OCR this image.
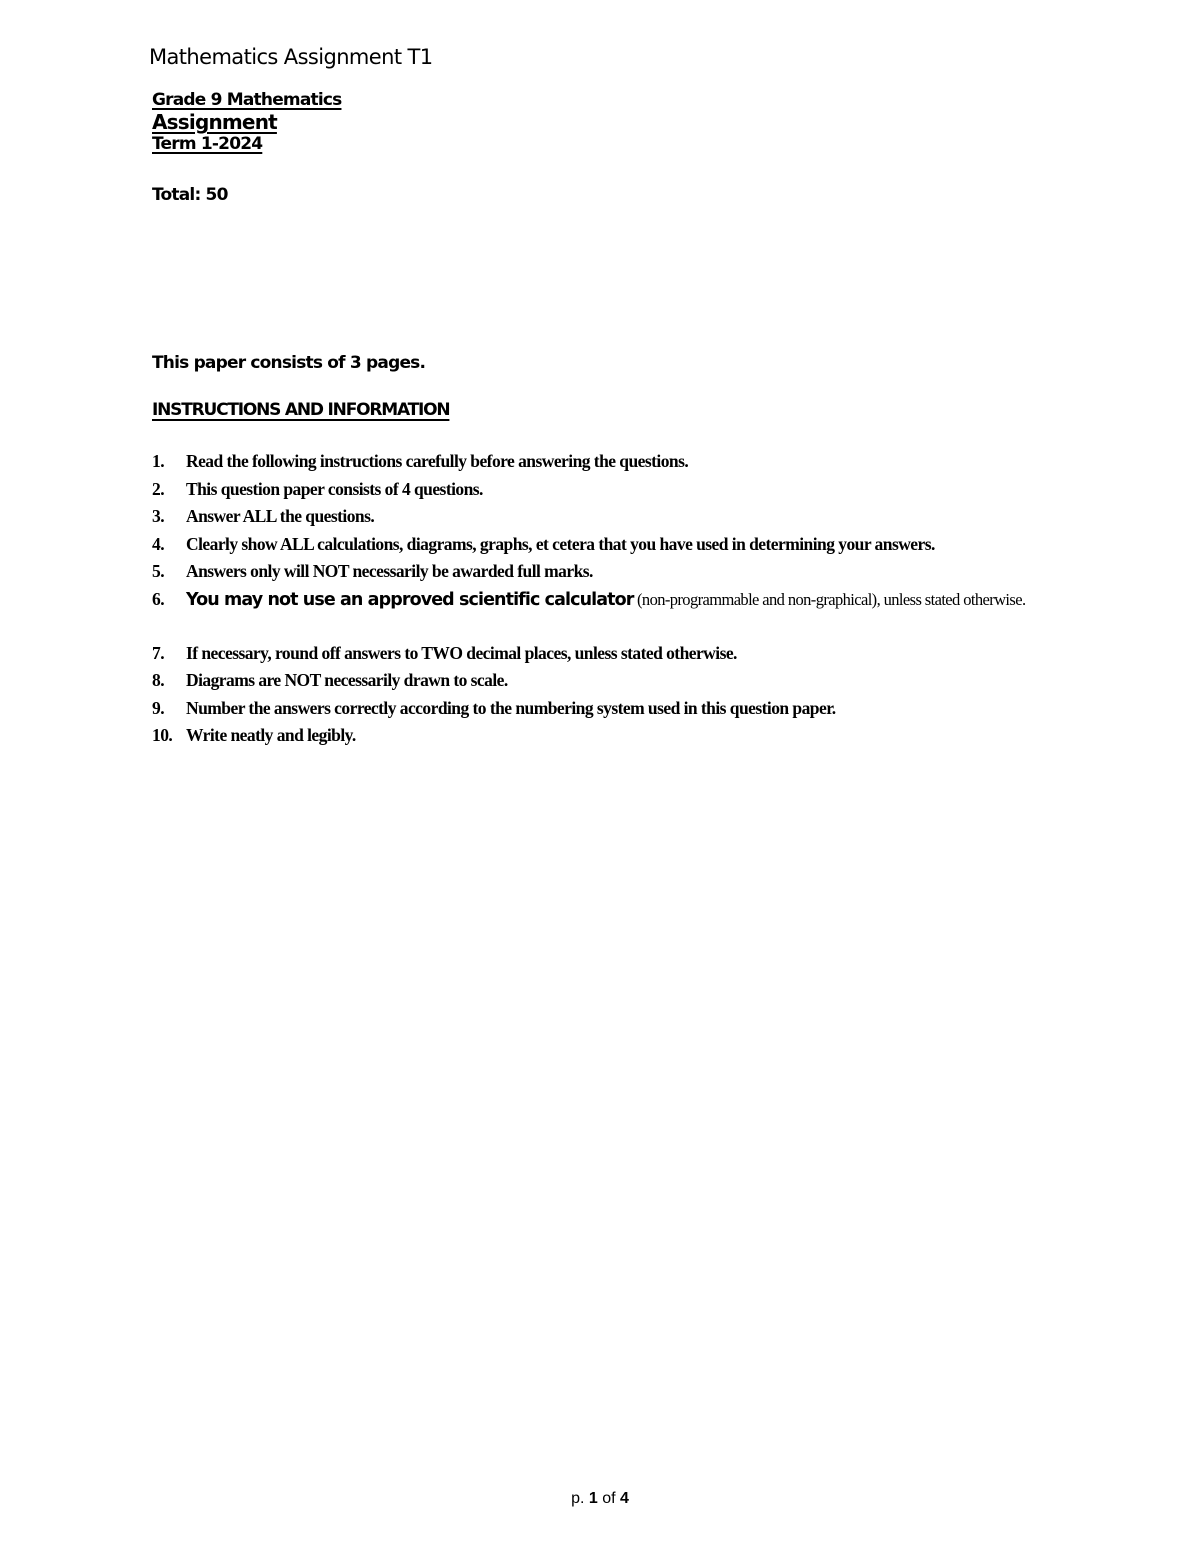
Mathematics Assignment T1
Grade 9 Mathematics
Assignment
Term 1-2024
Total: 50
This paper consists of 3 pages.
INSTRUCTIONS AND INFORMATION
1. Read the following instructions carefully before answering the questions.
2. This question paper consists of 4 questions.
3. Answer ALL the questions.
4. Clearly show ALL calculations, diagrams, graphs, et cetera that you have used in determining your answers.
5. Answers only will NOT necessarily be awarded full marks.
6. You may not use an approved scientific calculator (non-programmable and non-graphical), unless stated otherwise.
7. If necessary, round off answers to TWO decimal places, unless stated otherwise.
8. Diagrams are NOT necessarily drawn to scale.
9. Number the answers correctly according to the numbering system used in this question paper.
10. Write neatly and legibly.
p. 1 of 4
